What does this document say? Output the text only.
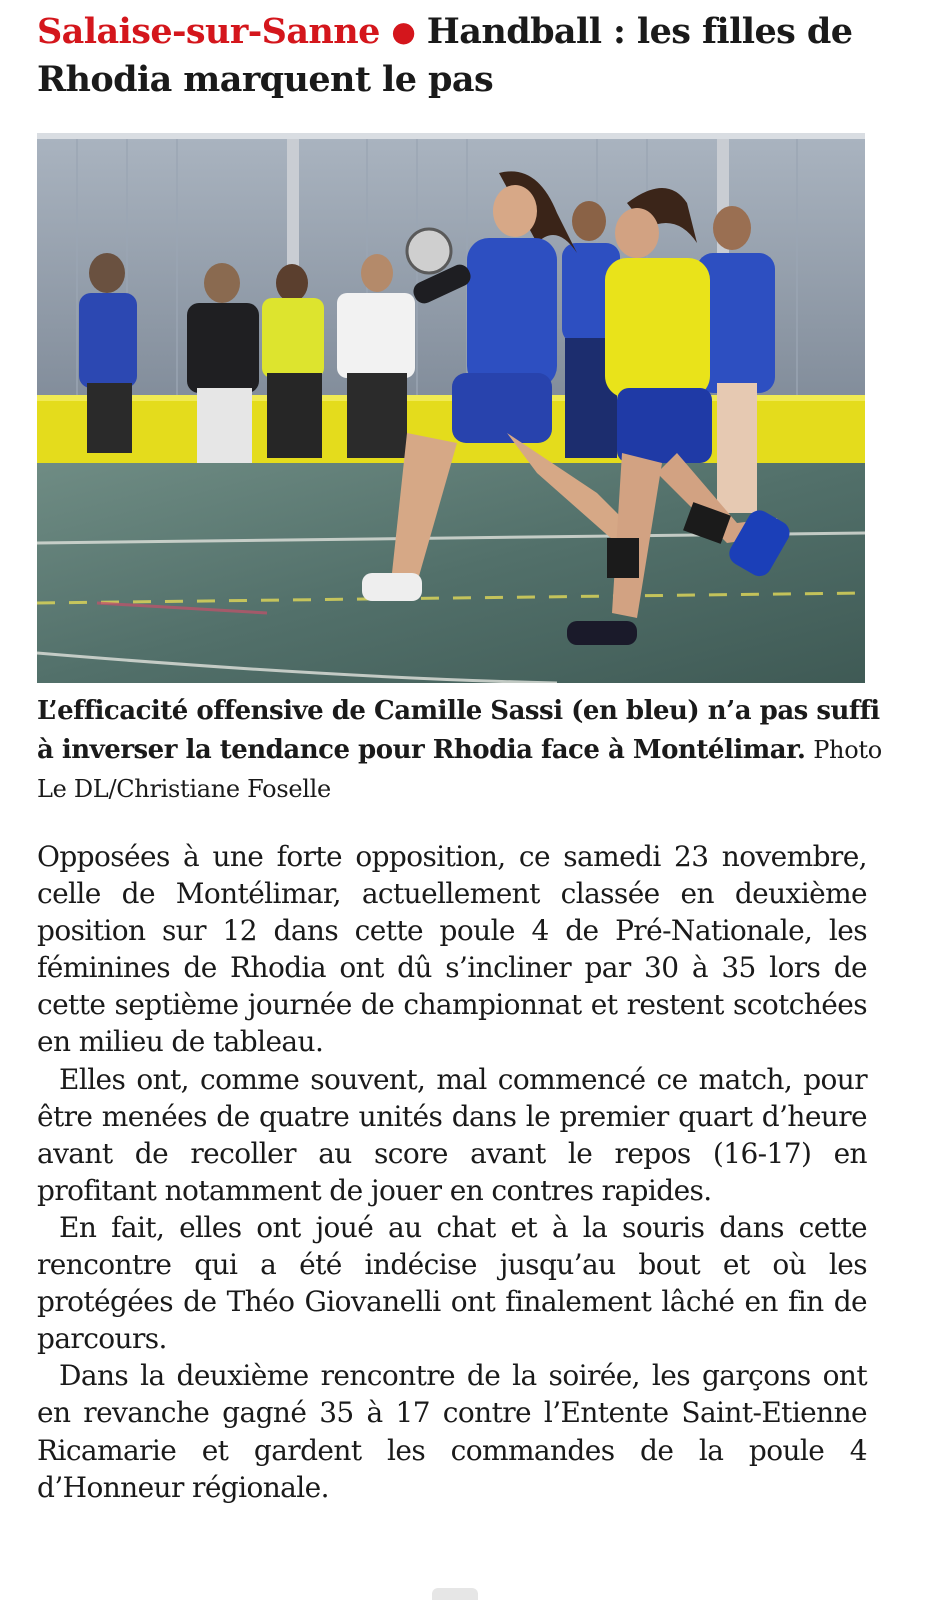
Salaise-sur-Sanne ● Handball : les filles de Rhodia marquent le pas

L’efficacité offensive de Camille Sassi (en bleu) n’a pas suffi à inverser la tendance pour Rhodia face à Montélimar. Photo Le DL/Christiane Foselle

Opposées à une forte opposition, ce samedi 23 novembre, celle de Montélimar, actuellement classée en deuxième position sur 12 dans cette poule 4 de Pré-Nationale, les féminines de Rhodia ont dû s’incliner par 30 à 35 lors de cette septième journée de championnat et restent scotchées en milieu de tableau.

Elles ont, comme souvent, mal commencé ce match, pour être menées de quatre unités dans le premier quart d’heure avant de recoller au score avant le repos (16-17) en profitant notamment de jouer en contres rapides.

En fait, elles ont joué au chat et à la souris dans cette rencontre qui a été indécise jusqu’au bout et où les protégées de Théo Giovanelli ont finalement lâché en fin de parcours.

Dans la deuxième rencontre de la soirée, les garçons ont en revanche gagné 35 à 17 contre l’Entente Saint-Etienne Ricamarie et gardent les commandes de la poule 4 d’Honneur régionale.
